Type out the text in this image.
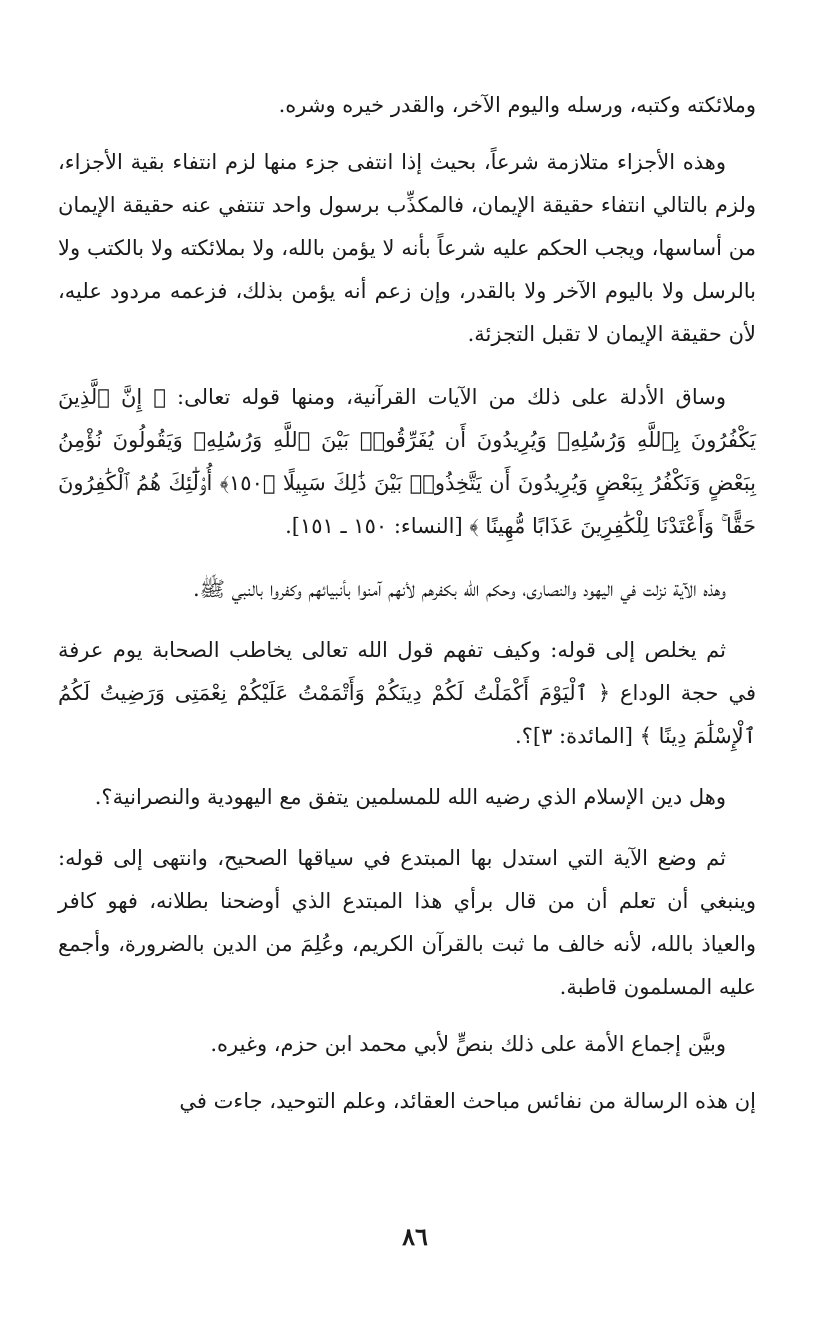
وملائكته وكتبه، ورسله واليوم الآخر، والقدر خيره وشره.

وهذه الأجزاء متلازمة شرعاً، بحيث إذا انتفى جزء منها لزم انتفاء بقية الأجزاء، ولزم بالتالي انتفاء حقيقة الإيمان، فالمكذِّب برسول واحد تنتفي عنه حقيقة الإيمان من أساسها، ويجب الحكم عليه شرعاً بأنه لا يؤمن بالله، ولا بملائكته ولا بالكتب ولا بالرسل ولا باليوم الآخر ولا بالقدر، وإن زعم أنه يؤمن بذلك، فزعمه مردود عليه، لأن حقيقة الإيمان لا تقبل التجزئة.

وساق الأدلة على ذلك من الآيات القرآنية، ومنها قوله تعالى: ﴿ إِنَّ ٱلَّذِينَ يَكْفُرُونَ بِٱللَّهِ وَرُسُلِهِۦ وَيُرِيدُونَ أَن يُفَرِّقُوا۟ بَيْنَ ٱللَّهِ وَرُسُلِهِۦ وَيَقُولُونَ نُؤْمِنُ بِبَعْضٍ وَنَكْفُرُ بِبَعْضٍ وَيُرِيدُونَ أَن يَتَّخِذُوا۟ بَيْنَ ذَٰلِكَ سَبِيلًا ﴿١٥٠﴾ أُو۟لَٰٓئِكَ هُمُ ٱلْكَٰفِرُونَ حَقًّا ۚ وَأَعْتَدْنَا لِلْكَٰفِرِينَ عَذَابًا مُّهِينًا ﴾ [النساء: ١٥٠ ـ ١٥١].

وهذه الآية نزلت في اليهود والنصارى، وحكم الله بكفرهم لأنهم آمنوا بأنبيائهم وكفروا بالنبي ﷺ.

ثم يخلص إلى قوله: وكيف تفهم قول الله تعالى يخاطب الصحابة يوم عرفة في حجة الوداع ﴿ ٱلْيَوْمَ أَكْمَلْتُ لَكُمْ دِينَكُمْ وَأَتْمَمْتُ عَلَيْكُمْ نِعْمَتِى وَرَضِيتُ لَكُمُ ٱلْإِسْلَٰمَ دِينًا ﴾ [المائدة: ٣]؟.

وهل دين الإسلام الذي رضيه الله للمسلمين يتفق مع اليهودية والنصرانية؟.

ثم وضع الآية التي استدل بها المبتدع في سياقها الصحيح، وانتهى إلى قوله: وينبغي أن تعلم أن من قال برأي هذا المبتدع الذي أوضحنا بطلانه، فهو كافر والعياذ بالله، لأنه خالف ما ثبت بالقرآن الكريم، وعُلِمَ من الدين بالضرورة، وأجمع عليه المسلمون قاطبة.

وبيَّن إجماع الأمة على ذلك بنصٍّ لأبي محمد ابن حزم، وغيره.

إن هذه الرسالة من نفائس مباحث العقائد، وعلم التوحيد، جاءت في

٨٦
